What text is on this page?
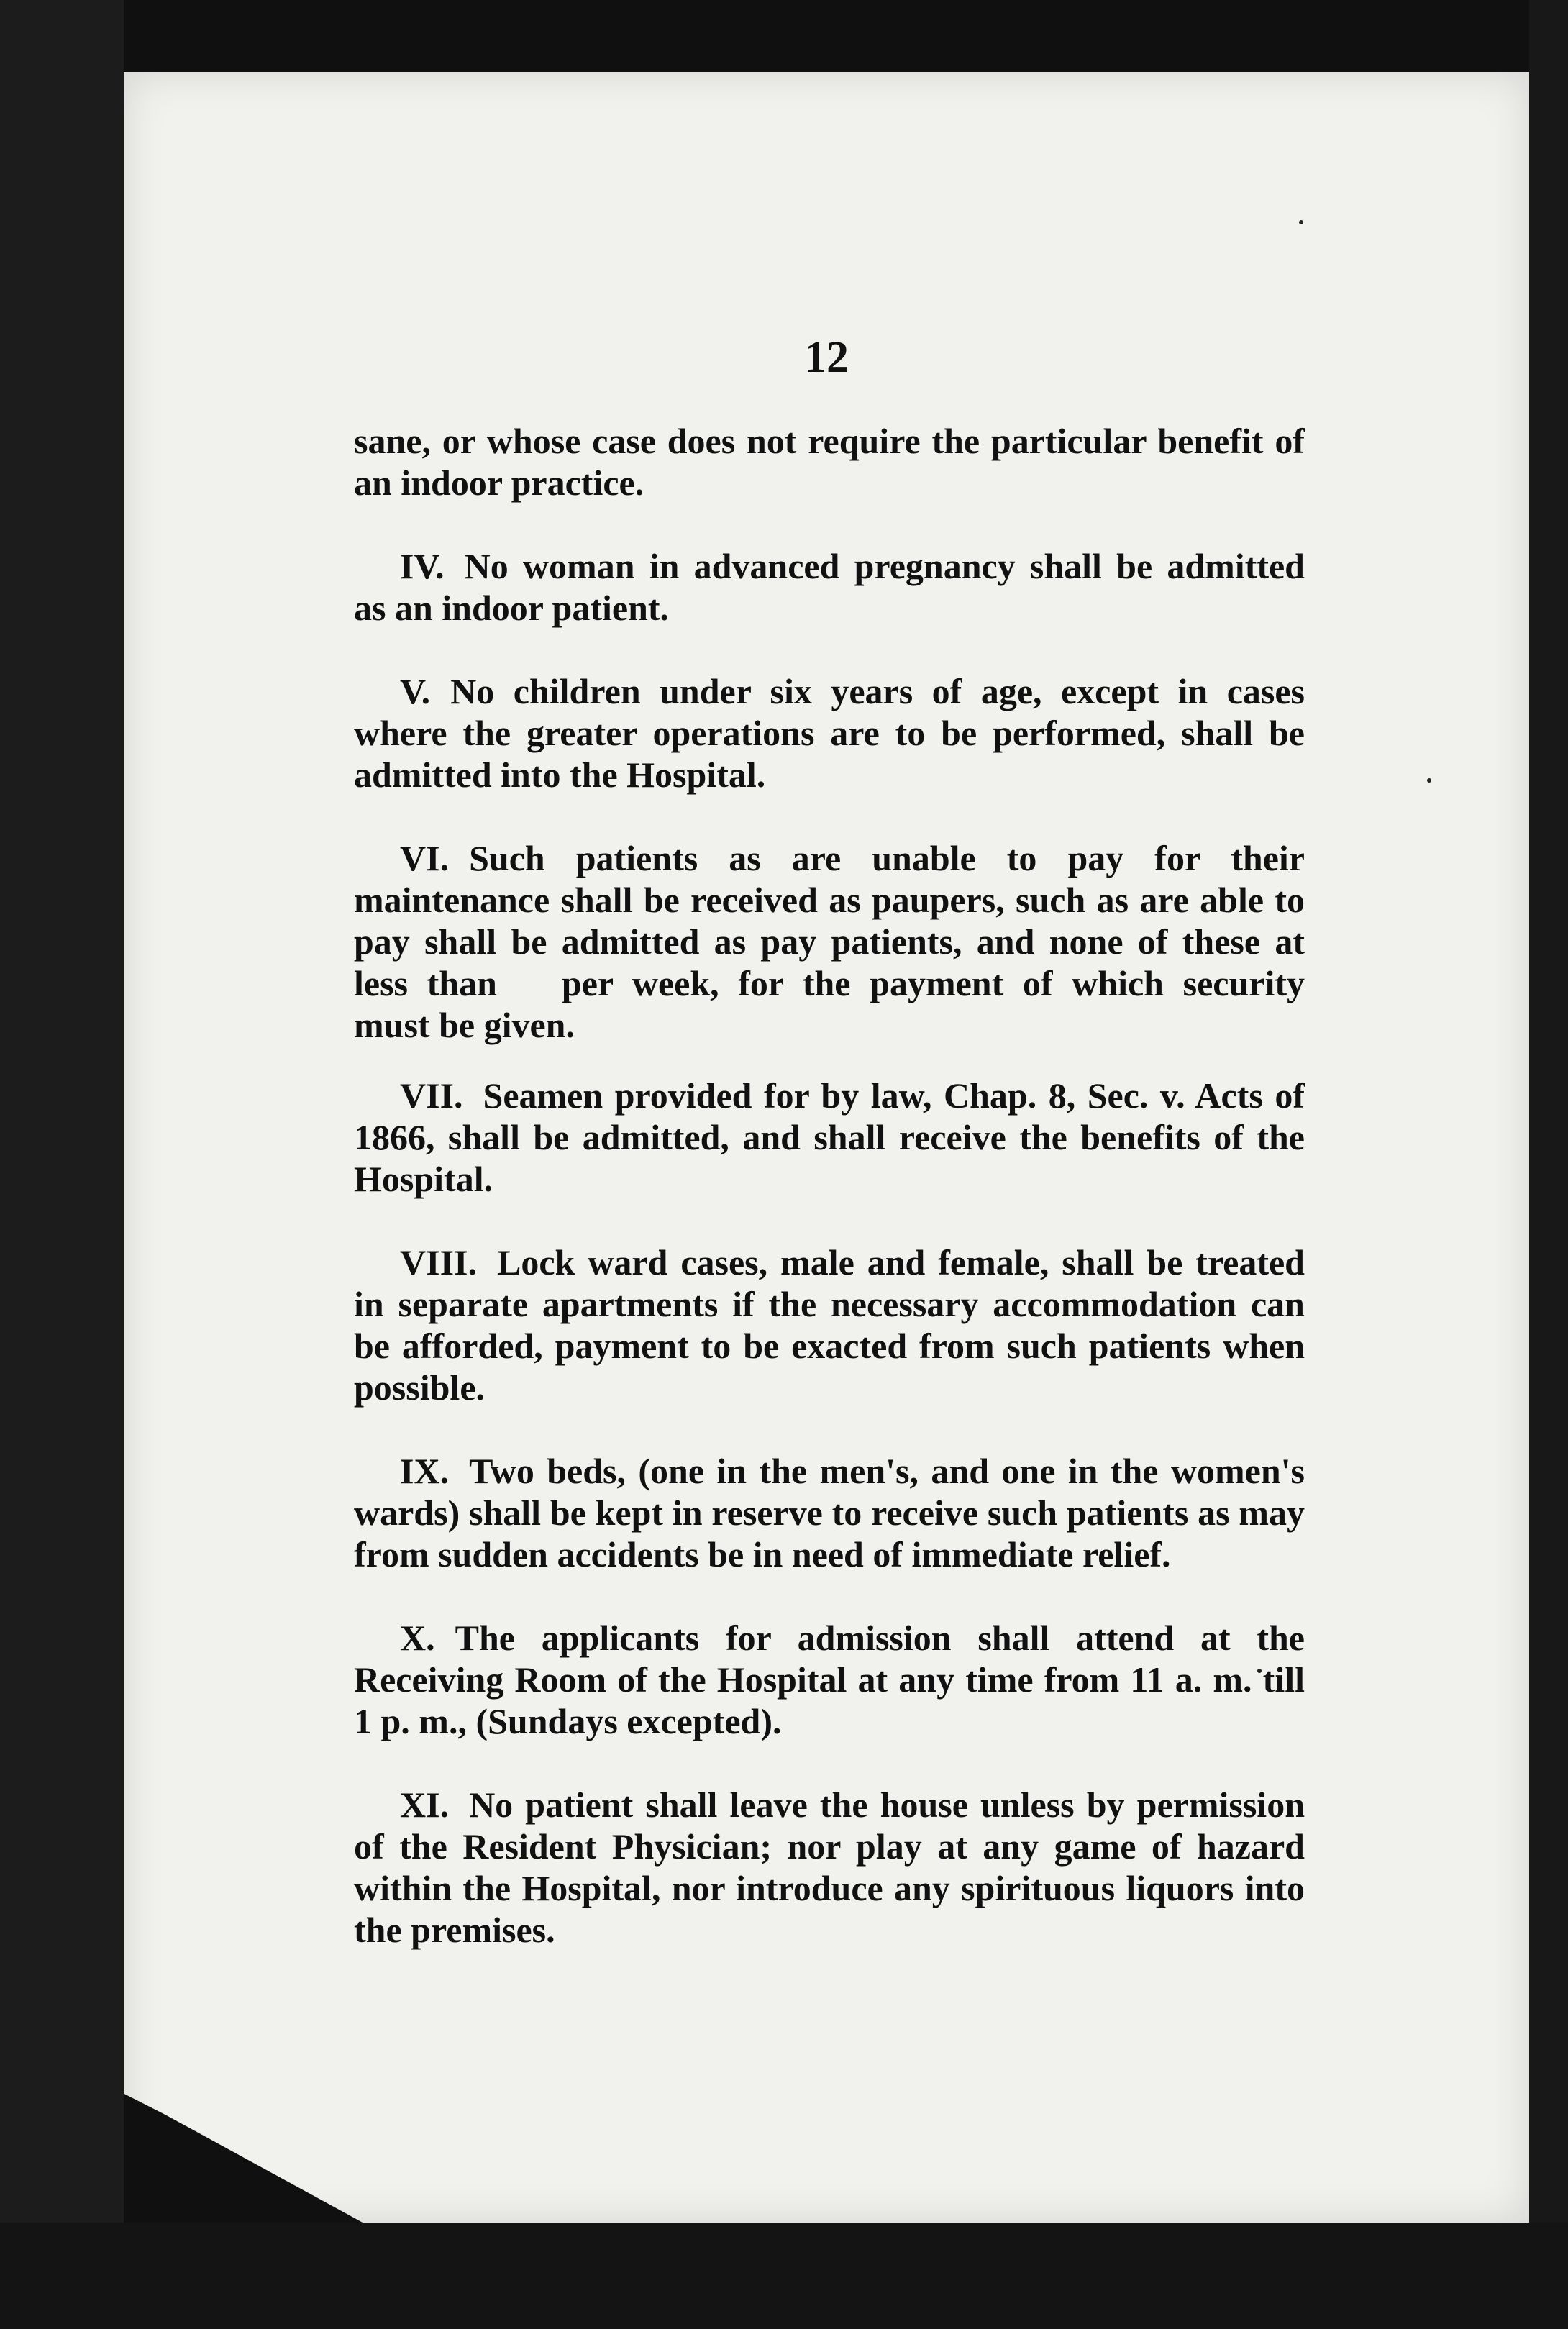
12

sane, or whose case does not require the particular benefit of an indoor practice.

IV. No woman in advanced pregnancy shall be admitted as an indoor patient.

V. No children under six years of age, except in cases where the greater operations are to be performed, shall be admitted into the Hospital.

VI. Such patients as are unable to pay for their maintenance shall be received as paupers, such as are able to pay shall be admitted as pay patients, and none of these at less than per week, for the payment of which security must be given.

VII. Seamen provided for by law, Chap. 8, Sec. v. Acts of 1866, shall be admitted, and shall receive the benefits of the Hospital.

VIII. Lock ward cases, male and female, shall be treated in separate apartments if the necessary accommodation can be afforded, payment to be exacted from such patients when possible.

IX. Two beds, (one in the men's, and one in the women's wards) shall be kept in reserve to receive such patients as may from sudden accidents be in need of immediate relief.

X. The applicants for admission shall attend at the Receiving Room of the Hospital at any time from 11 a. m. till 1 p. m., (Sundays excepted).

XI. No patient shall leave the house unless by permission of the Resident Physician; nor play at any game of hazard within the Hospital, nor introduce any spirituous liquors into the premises.
